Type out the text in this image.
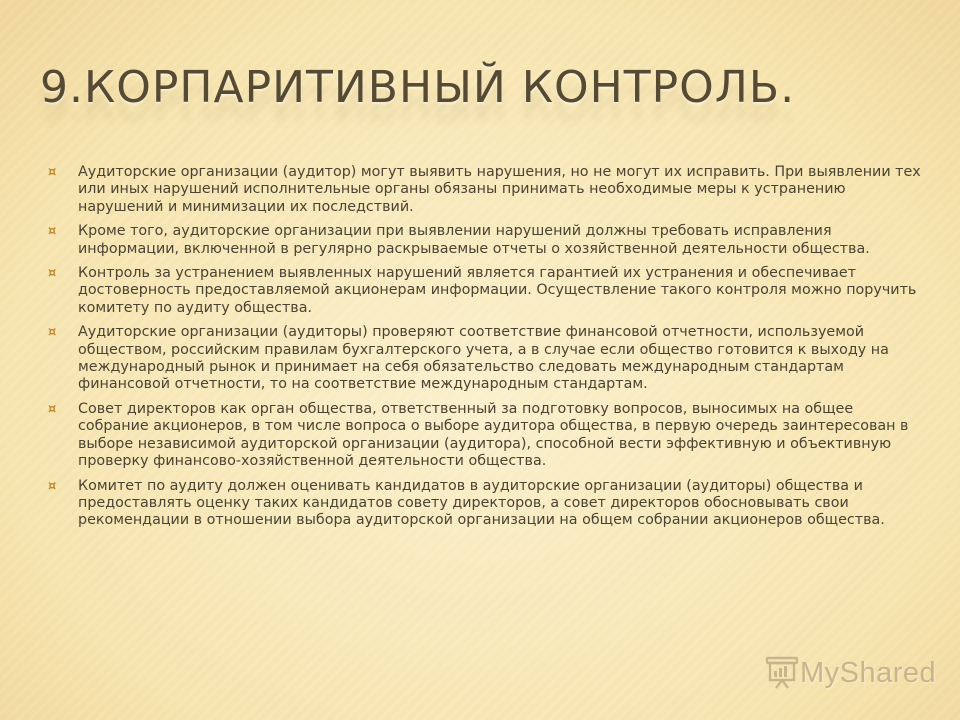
9.КОРПАРИТИВНЫЙ КОНТРОЛЬ.
¤ Аудиторские организации (аудитор) могут выявить нарушения, но не могут их исправить. При выявлении тех или иных нарушений исполнительные органы обязаны принимать необходимые меры к устранению нарушений и минимизации их последствий.
¤ Кроме того, аудиторские организации при выявлении нарушений должны требовать исправления информации, включенной в регулярно раскрываемые отчеты о хозяйственной деятельности общества.
¤ Контроль за устранением выявленных нарушений является гарантией их устранения и обеспечивает достоверность предоставляемой акционерам информации. Осуществление такого контроля можно поручить комитету по аудиту общества.
¤ Аудиторские организации (аудиторы) проверяют соответствие финансовой отчетности, используемой обществом, российским правилам бухгалтерского учета, а в случае если общество готовится к выходу на международный рынок и принимает на себя обязательство следовать международным стандартам финансовой отчетности, то на соответствие международным стандартам.
¤ Совет директоров как орган общества, ответственный за подготовку вопросов, выносимых на общее собрание акционеров, в том числе вопроса о выборе аудитора общества, в первую очередь заинтересован в выборе независимой аудиторской организации (аудитора), способной вести эффективную и объективную проверку финансово-хозяйственной деятельности общества.
¤ Комитет по аудиту должен оценивать кандидатов в аудиторские организации (аудиторы) общества и предоставлять оценку таких кандидатов совету директоров, а совет директоров обосновывать свои рекомендации в отношении выбора аудиторской организации на общем собрании акционеров общества.
MyShared
